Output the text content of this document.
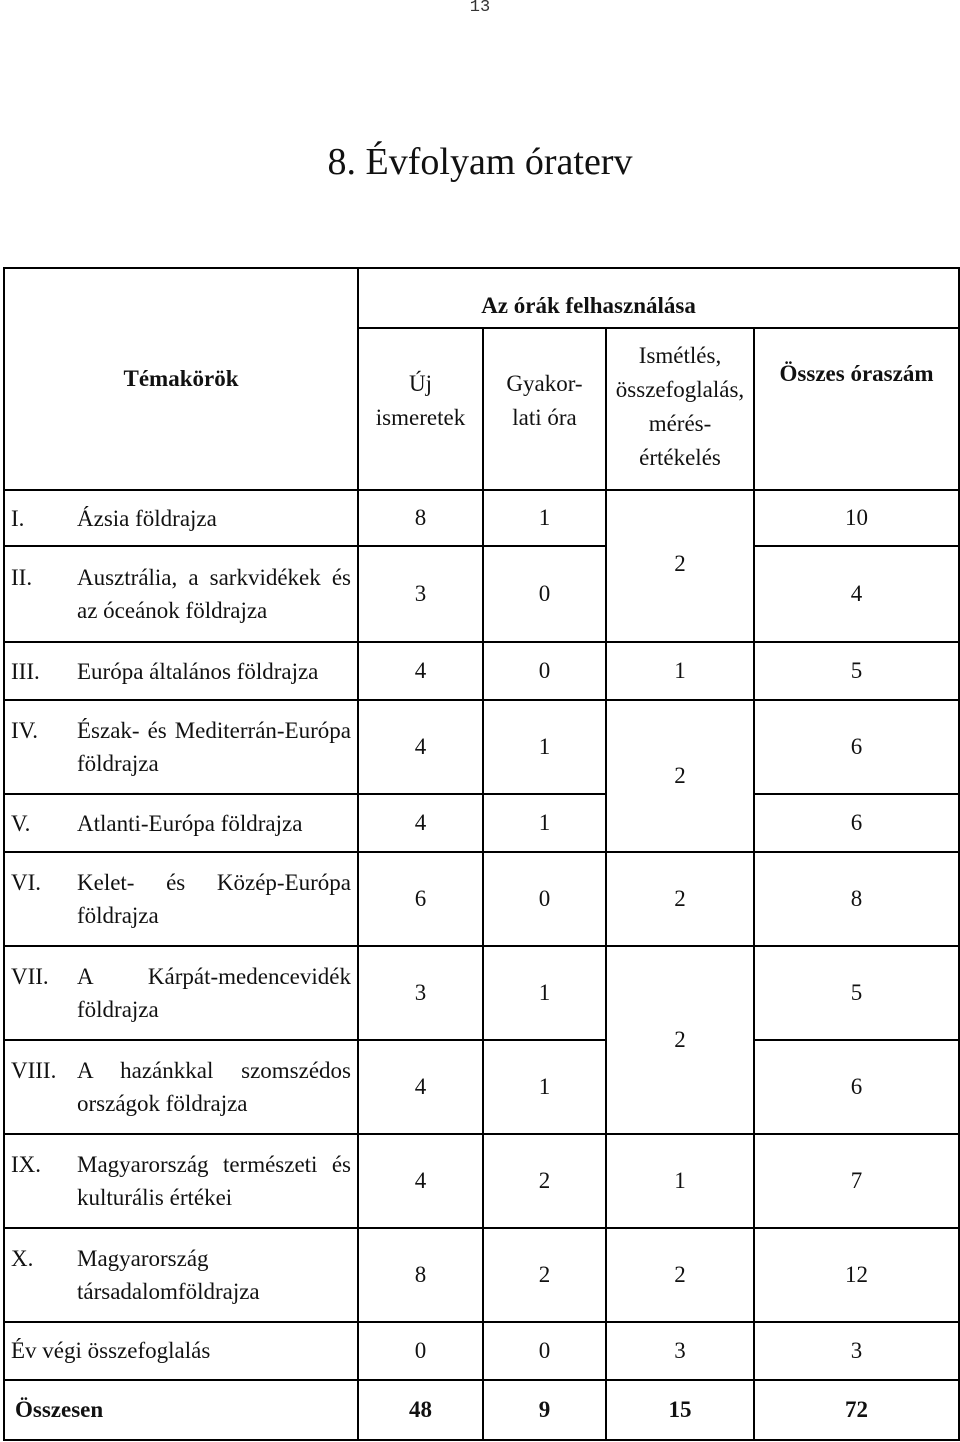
13
8. Évfolyam óraterv
Témakörök	Az órák felhasználása			

	Új
ismeretek	Gyakor-
lati óra	Ismétlés,
összefoglalás,
mérés-
értékelés	Összes óraszám

I. Ázsia földrajza	8	1	2	10

II. Ausztrália, a sarkvidékek és az óceánok földrajza	3	0		4

III. Európa általános földrajza	4	0	1	5

IV. Észak- és Mediterrán-Európa földrajza	4	1	2	6

V. Atlanti-Európa földrajza	4	1		6

VI. Kelet- és Közép-Európa földrajza	6	0	2	8

VII. A Kárpát-medencevidék földrajza	3	1	2	5

VIII. A hazánkkal szomszédos országok földrajza	4	1		6

IX. Magyarország természeti és kulturális értékei	4	2	1	7

X. Magyarország társadalomföldrajza	8	2	2	12

Év végi összefoglalás	0	0	3	3

Összesen	48	9	15	72
